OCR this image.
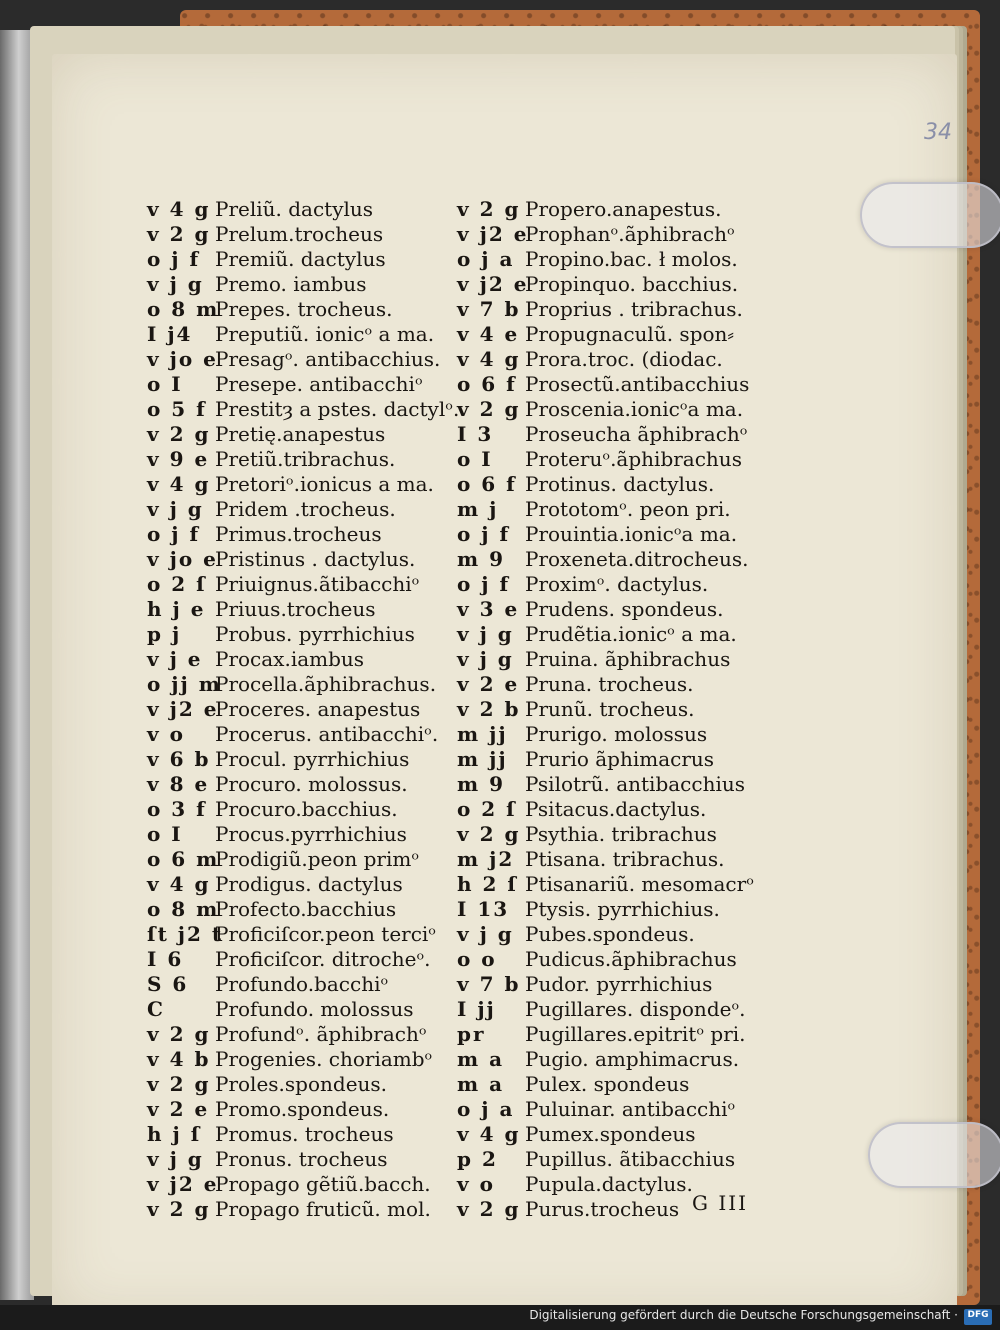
34
v 4 g Preliũ. dactylus
v 2 g Prelum.trocheus
o j f Premiũ. dactylus
v j g Premo. iambus
o 8 mPrepes. trocheus.
I j4 Preputiũ. ionicᵒ a ma.
v jo ePresagᵒ. antibacchius.
o I Presepe. antibacchiᵒ
o 5 f Prestitȝ a pstes. dactylᵒ.
v 2 g Pretię.anapestus
v 9 e Pretiũ.tribrachus.
v 4 g Pretoriᵒ.ionicus a ma.
v j g Pridem .trocheus.
o j f Primus.trocheus
v jo ePristinus . dactylus.
o 2 ſ Priuignus.ãtibacchiᵒ
h j e Priuus.trocheus
p j Probus. pyrrhichius
v j e Procax.iambus
o jj mProcella.ãphibrachus.
v j2 eProceres. anapestus
v o Procerus. antibacchiᵒ.
v 6 b Procul. pyrrhichius
v 8 e Procuro. molossus.
o 3 f Procuro.bacchius.
o I Procus.pyrrhichius
o 6 mProdigiũ.peon primᵒ
v 4 g Prodigus. dactylus
o 8 mProfecto.bacchius
ſt j2 tProficiſcor.peon terciᵒ
I 6 Proficiſcor. ditrocheᵒ.
S 6 Profundo.bacchiᵒ
C	Profundo. molossus
v 2 g Profundᵒ. ãphibrachᵒ
v 4 b Progenies. choriambᵒ
v 2 g Proles.spondeus.
v 2 e Promo.spondeus.
h j ſ Promus. trocheus
v j g Pronus. trocheus
v j2 ePropago gẽtiũ.bacch.
v 2 g Propago fruticũ. mol.
v 2 g Propero.anapestus.
v j2 eProphanᵒ.ãphibrachᵒ
o j a Propino.bac. ł molos.
v j2 ePropinquo. bacchius.
v 7 b Proprius . tribrachus.
v 4 e Propugnaculũ. spon⸗
v 4 g Prora.troc. (diodac.
o 6 f Prosectũ.antibacchius
v 2 g Proscenia.ionicᵒa ma.
I 3 Proseucha ãphibrachᵒ
o I Proteruᵒ.ãphibrachus
o 6 f Protinus. dactylus.
m j Prototomᵒ. peon pri.
o j f Prouintia.ionicᵒa ma.
m 9 Proxeneta.ditrocheus.
o j f Proximᵒ. dactylus.
v 3 e Prudens. spondeus.
v j g Prudẽtia.ionicᵒ a ma.
v j g Pruina. ãphibrachus
v 2 e Pruna. trocheus.
v 2 b Prunũ. trocheus.
m jj Prurigo. molossus
m jj Prurio ãphimacrus
m 9 Psilotrũ. antibacchius
o 2 ſ Psitacus.dactylus.
v 2 g Psythia. tribrachus
m j2 Ptisana. tribrachus.
h 2 ſ Ptisanariũ. mesomacrᵒ
I 13 Ptysis. pyrrhichius.
v j g Pubes.spondeus.
o o Pudicus.ãphibrachus
v 7 b Pudor. pyrrhichius
I jj Pugillares. dispondeᵒ.
pr Pugillares.epitritᵒ pri.
m a Pugio. amphimacrus.
m a Pulex. spondeus
o j a Puluinar. antibacchiᵒ
v 4 g Pumex.spondeus
p 2 Pupillus. ãtibacchius
v o Pupula.dactylus.
v 2 g Purus.trocheus G III
Digitalisierung gefördert durch die Deutsche Forschungsgemeinschaft ·	DFG
